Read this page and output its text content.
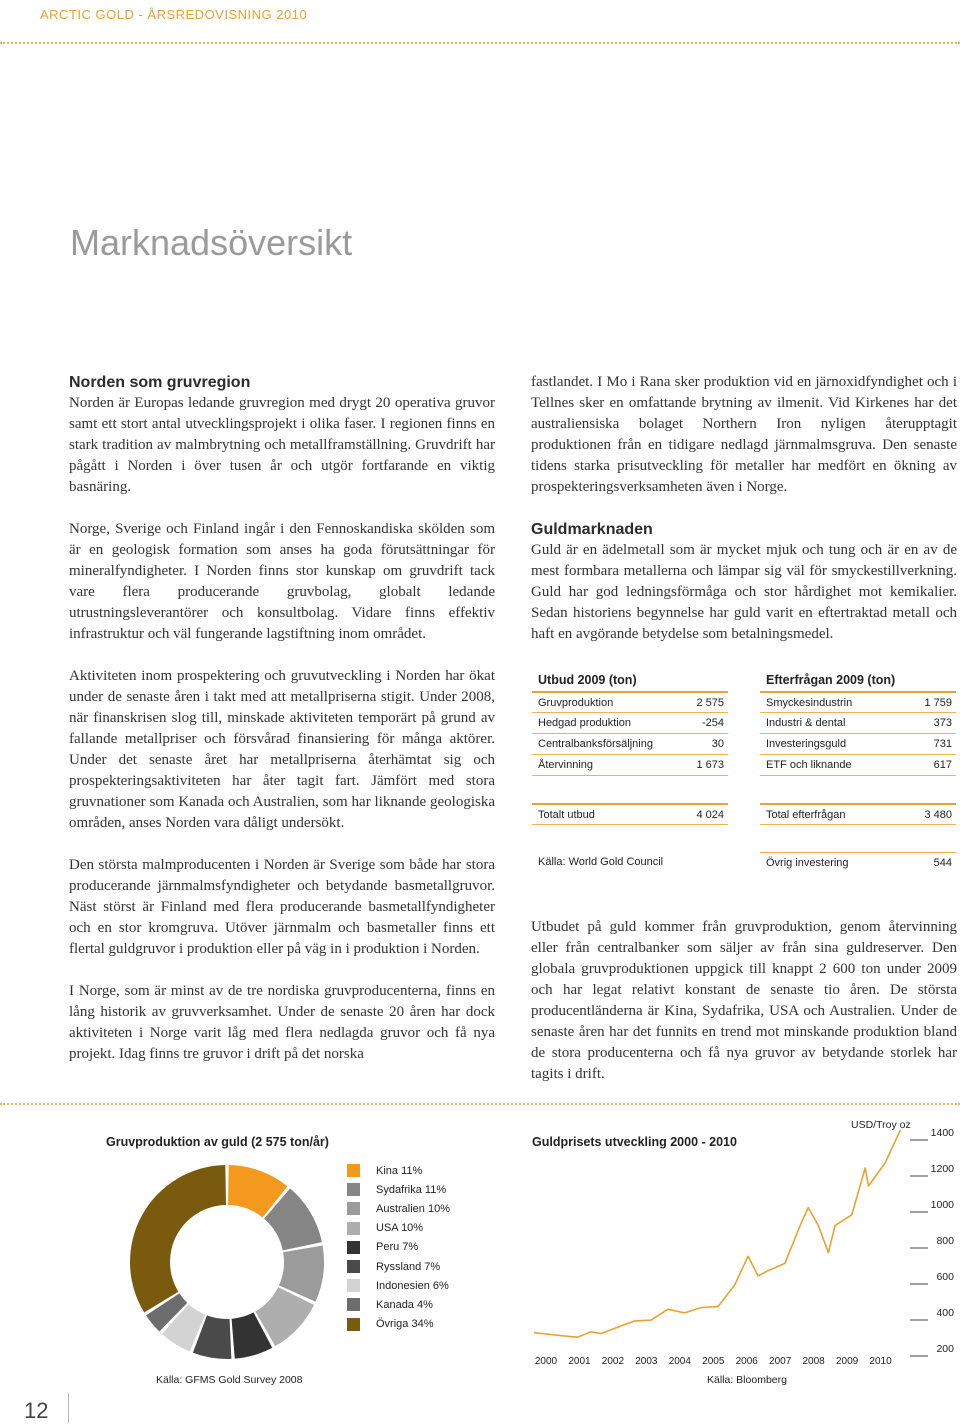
ARCTIC GOLD - ÅRSREDOVISNING 2010
Marknadsöversikt
Norden som gruvregion

Norden är Europas ledande gruvregion med drygt 20 operativa gruvor samt ett stort antal utvecklingsprojekt i olika faser. I regionen finns en stark tradition av malmbrytning och metallframställning. Gruvdrift har pågått i Norden i över tusen år och utgör fortfarande en viktig basnäring.

Norge, Sverige och Finland ingår i den Fennoskandiska skölden som är en geologisk formation som anses ha goda förutsättningar för mineralfyndigheter. I Norden finns stor kunskap om gruvdrift tack vare flera producerande gruvbolag, globalt ledande utrustningsleverantörer och konsultbolag. Vidare finns effektiv infrastruktur och väl fungerande lagstiftning inom området.

Aktiviteten inom prospektering och gruvutveckling i Norden har ökat under de senaste åren i takt med att metallpriserna stigit. Under 2008, när finanskrisen slog till, minskade aktiviteten temporärt på grund av fallande metallpriser och försvårad finansiering för många aktörer. Under det senaste året har metallpriserna återhämtat sig och prospekteringsaktiviteten har åter tagit fart. Jämfört med stora gruvnationer som Kanada och Australien, som har liknande geologiska områden, anses Norden vara dåligt undersökt.

Den största malmproducenten i Norden är Sverige som både har stora producerande järnmalmsfyndigheter och betydande basmetallgruvor. Näst störst är Finland med flera producerande basmetallfyndigheter och en stor kromgruva. Utöver järnmalm och basmetaller finns ett flertal guldgruvor i produktion eller på väg in i produktion i Norden.

I Norge, som är minst av de tre nordiska gruvproducenterna, finns en lång historik av gruvverksamhet. Under de senaste 20 åren har dock aktiviteten i Norge varit låg med flera nedlagda gruvor och få nya projekt. Idag finns tre gruvor i drift på det norska

fastlandet. I Mo i Rana sker produktion vid en järnoxidfyndighet och i Tellnes sker en omfattande brytning av ilmenit. Vid Kirkenes har det australiensiska bolaget Northern Iron nyligen återupptagit produktionen från en tidigare nedlagd järnmalmsgruva. Den senaste tidens starka prisutveckling för metaller har medfört en ökning av prospekteringsverksamheten även i Norge.

Guldmarknaden

Guld är en ädelmetall som är mycket mjuk och tung och är en av de mest formbara metallerna och lämpar sig väl för smyckestillverkning. Guld har god ledningsförmåga och stor hårdighet mot kemikalier. Sedan historiens begynnelse har guld varit en eftertraktad metall och haft en avgörande betydelse som betalningsmedel.

Utbud 2009 (ton)
Gruvproduktion	2 575
Hedgad produktion	-254
Centralbanksförsäljning	30
Återvinning	1 673
Totalt utbud	4 024
Källa: World Gold Council
Efterfrågan 2009 (ton)
Smyckesindustrin	1 759
Industri & dental	373
Investeringsguld	731
ETF och liknande	617
Total efterfrågan	3 480
Övrig investering	544

Utbudet på guld kommer från gruvproduktion, genom återvinning eller från centralbanker som säljer av från sina guldreserver. Den globala gruvproduktionen uppgick till knappt 2 600 ton under 2009 och har legat relativt konstant de senaste tio åren. De största producentländerna är Kina, Sydafrika, USA och Australien. Under de senaste åren har det funnits en trend mot minskande produktion bland de stora producenterna och få nya gruvor av betydande storlek har tagits i drift.

Gruvproduktion av guld (2 575 ton/år)
Kina 11%
Sydafrika 11%
Australien 10%
USA 10%
Peru 7%
Ryssland 7%
Indonesien 6%
Kanada 4%
Övriga 34%
Källa: GFMS Gold Survey 2008
Guldprisets utveckling 2000 - 2010
USD/Troy oz
1400
1200
1000
800
600
400
200
2000 2001 2002 2003 2004 2005 2006 2007 2008 2009 2010
Källa: Bloomberg
12
